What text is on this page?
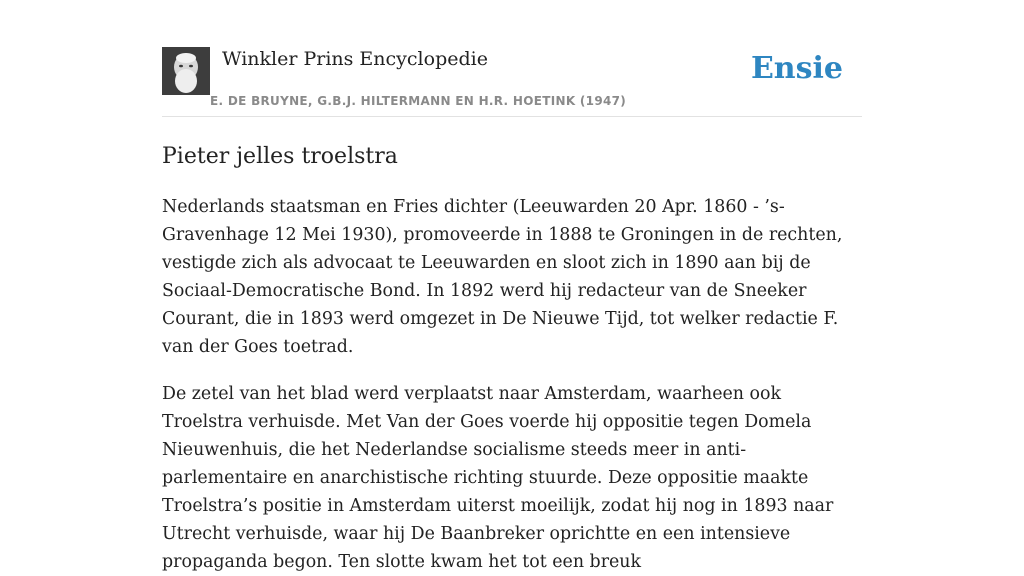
Winkler Prins Encyclopedie
E. DE BRUYNE, G.B.J. HILTERMANN EN H.R. HOETINK (1947)
Ensie
Pieter jelles troelstra

Nederlands staatsman en Fries dichter (Leeuwarden 20 Apr. 1860 - ’s-Gravenhage 12 Mei 1930), promoveerde in 1888 te Groningen in de rechten, vestigde zich als advocaat te Leeuwarden en sloot zich in 1890 aan bij de Sociaal-Democratische Bond. In 1892 werd hij redacteur van de Sneeker Courant, die in 1893 werd omgezet in De Nieuwe Tijd, tot welker redactie F. van der Goes toetrad.

De zetel van het blad werd verplaatst naar Amsterdam, waarheen ook Troelstra verhuisde. Met Van der Goes voerde hij oppositie tegen Domela Nieuwenhuis, die het Nederlandse socialisme steeds meer in anti-parlementaire en anarchistische richting stuurde. Deze oppositie maakte Troelstra’s positie in Amsterdam uiterst moeilijk, zodat hij nog in 1893 naar Utrecht verhuisde, waar hij De Baanbreker oprichtte en een intensieve propaganda begon. Ten slotte kwam het tot een breuk
